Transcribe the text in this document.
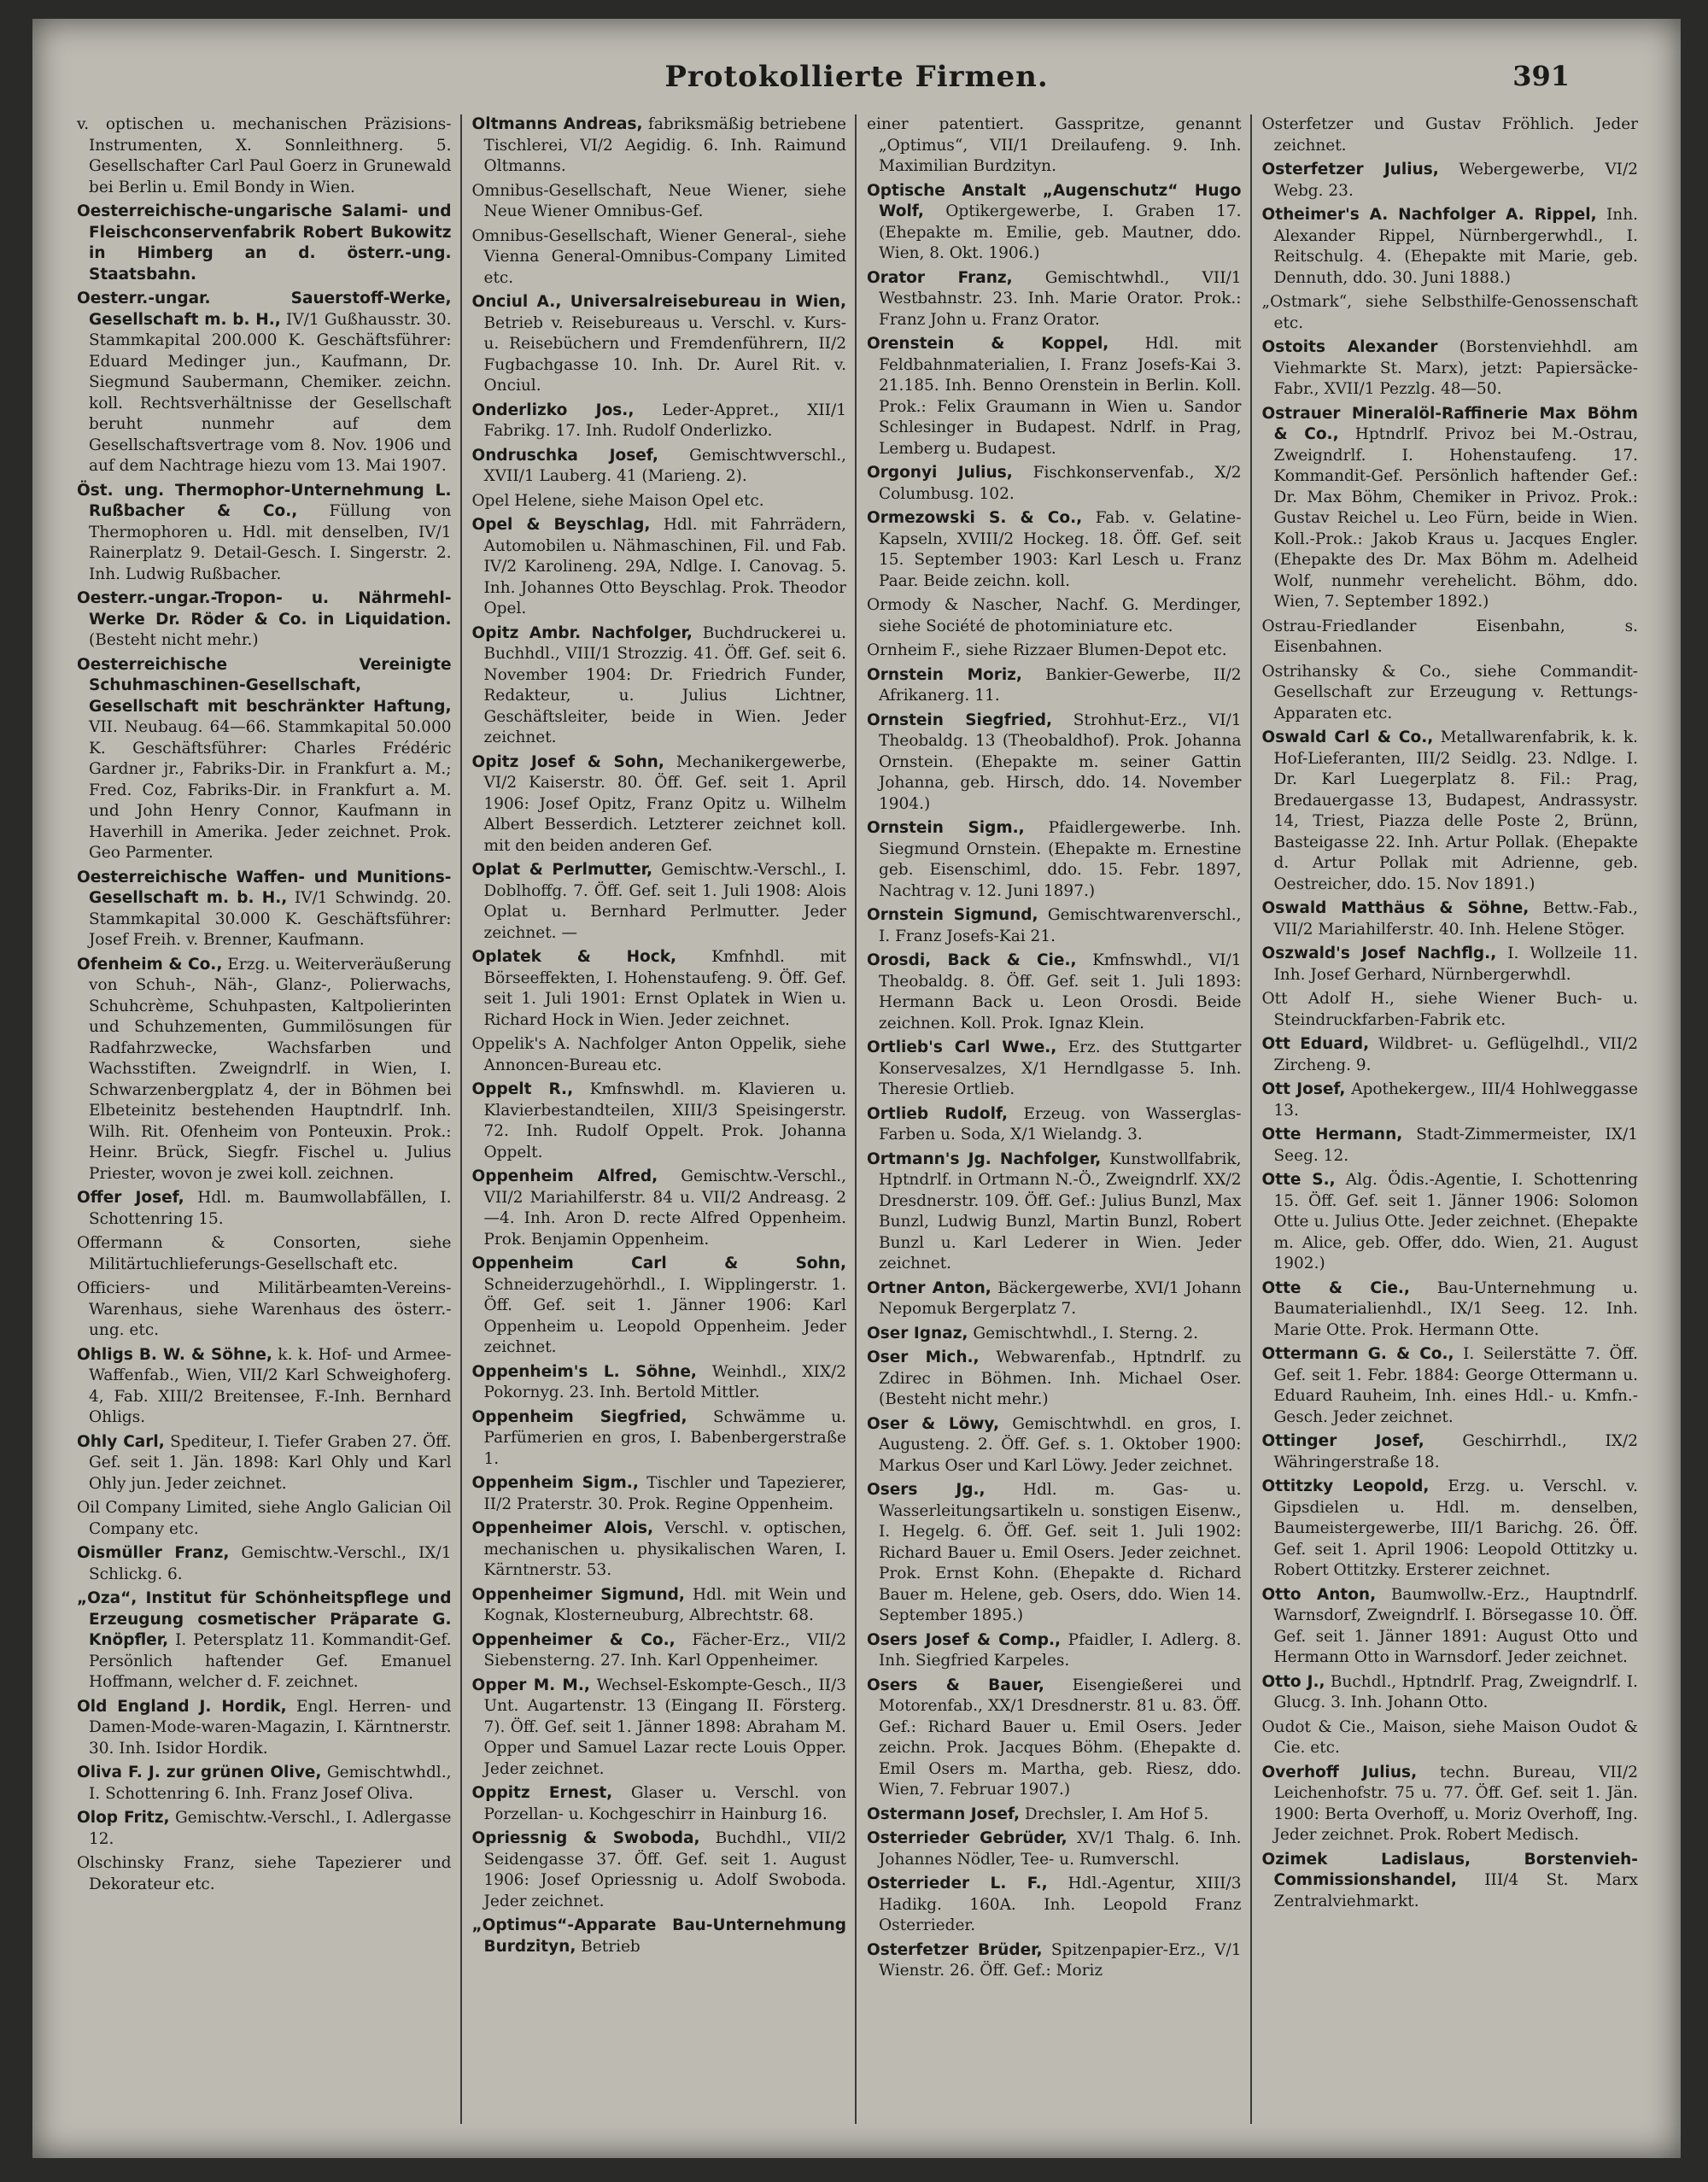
Protokollierte Firmen.	391

v. optischen u. mechanischen Präzisions-Instrumenten, X. Sonnleithnerg. 5. Gesellschafter Carl Paul Goerz in Grunewald bei Berlin u. Emil Bondy in Wien.

Oesterreichische-ungarische Salami- und Fleischconservenfabrik Robert Bukowitz in Himberg an d. österr.-ung. Staatsbahn.

Oesterr.-ungar. Sauerstoff-Werke, Gesellschaft m. b. H., IV/1 Gußhausstr. 30. Stammkapital 200.000 K. Geschäftsführer: Eduard Medinger jun., Kaufmann, Dr. Siegmund Saubermann, Chemiker. zeichn. koll. Rechtsverhältnisse der Gesellschaft beruht nunmehr auf dem Gesellschaftsvertrage vom 8. Nov. 1906 und auf dem Nachtrage hiezu vom 13. Mai 1907.

Öst. ung. Thermophor-Unternehmung L. Rußbacher & Co., Füllung von Thermophoren u. Hdl. mit denselben, IV/1 Rainerplatz 9. Detail-Gesch. I. Singerstr. 2. Inh. Ludwig Rußbacher.

Oesterr.-ungar.-Tropon- u. Nährmehl-Werke Dr. Röder & Co. in Liquidation. (Besteht nicht mehr.)

Oesterreichische Vereinigte Schuhmaschinen-Gesellschaft, Gesellschaft mit beschränkter Haftung, VII. Neubaug. 64—66. Stammkapital 50.000 K. Geschäftsführer: Charles Frédéric Gardner jr., Fabriks-Dir. in Frankfurt a. M.; Fred. Coz, Fabriks-Dir. in Frankfurt a. M. und John Henry Connor, Kaufmann in Haverhill in Amerika. Jeder zeichnet. Prok. Geo Parmenter.

Oesterreichische Waffen- und Munitions-Gesellschaft m. b. H., IV/1 Schwindg. 20. Stammkapital 30.000 K. Geschäftsführer: Josef Freih. v. Brenner, Kaufmann.

Ofenheim & Co., Erzg. u. Weiterveräußerung von Schuh-, Näh-, Glanz-, Polierwachs, Schuhcrème, Schuhpasten, Kaltpolierinten und Schuhzementen, Gummilösungen für Radfahrzwecke, Wachsfarben und Wachsstiften. Zweigndrlf. in Wien, I. Schwarzenbergplatz 4, der in Böhmen bei Elbeteinitz bestehenden Hauptndrlf. Inh. Wilh. Rit. Ofenheim von Ponteuxin. Prok.: Heinr. Brück, Siegfr. Fischel u. Julius Priester, wovon je zwei koll. zeichnen.

Offer Josef, Hdl. m. Baumwollabfällen, I. Schottenring 15.

Offermann & Consorten, siehe Militärtuchlieferungs-Gesellschaft etc.

Officiers- und Militärbeamten-Vereins-Warenhaus, siehe Warenhaus des österr.-ung. etc.

Ohligs B. W. & Söhne, k. k. Hof- und Armee-Waffenfab., Wien, VII/2 Karl Schweighoferg. 4, Fab. XIII/2 Breitensee, F.-Inh. Bernhard Ohligs.

Ohly Carl, Spediteur, I. Tiefer Graben 27. Öff. Gef. seit 1. Jän. 1898: Karl Ohly und Karl Ohly jun. Jeder zeichnet.

Oil Company Limited, siehe Anglo Galician Oil Company etc.

Oismüller Franz, Gemischtw.-Verschl., IX/1 Schlickg. 6.

„Oza“, Institut für Schönheitspflege und Erzeugung cosmetischer Präparate G. Knöpfler, I. Petersplatz 11. Kommandit-Gef. Persönlich haftender Gef. Emanuel Hoffmann, welcher d. F. zeichnet.

Old England J. Hordik, Engl. Herren- und Damen-Mode-waren-Magazin, I. Kärntnerstr. 30. Inh. Isidor Hordik.

Oliva F. J. zur grünen Olive, Gemischtwhdl., I. Schottenring 6. Inh. Franz Josef Oliva.

Olop Fritz, Gemischtw.-Verschl., I. Adlergasse 12.

Olschinsky Franz, siehe Tapezierer und Dekorateur etc.

Oltmanns Andreas, fabriksmäßig betriebene Tischlerei, VI/2 Aegidig. 6. Inh. Raimund Oltmanns.

Omnibus-Gesellschaft, Neue Wiener, siehe Neue Wiener Omnibus-Gef.

Omnibus-Gesellschaft, Wiener General-, siehe Vienna General-Omnibus-Company Limited etc.

Onciul A., Universalreisebureau in Wien, Betrieb v. Reisebureaus u. Verschl. v. Kurs- u. Reisebüchern und Fremdenführern, II/2 Fugbachgasse 10. Inh. Dr. Aurel Rit. v. Onciul.

Onderlizko Jos., Leder-Appret., XII/1 Fabrikg. 17. Inh. Rudolf Onderlizko.

Ondruschka Josef, Gemischtwverschl., XVII/1 Lauberg. 41 (Marieng. 2).

Opel Helene, siehe Maison Opel etc.

Opel & Beyschlag, Hdl. mit Fahrrädern, Automobilen u. Nähmaschinen, Fil. und Fab. IV/2 Karolineng. 29A, Ndlge. I. Canovag. 5. Inh. Johannes Otto Beyschlag. Prok. Theodor Opel.

Opitz Ambr. Nachfolger, Buchdruckerei u. Buchhdl., VIII/1 Strozzig. 41. Öff. Gef. seit 6. November 1904: Dr. Friedrich Funder, Redakteur, u. Julius Lichtner, Geschäftsleiter, beide in Wien. Jeder zeichnet.

Opitz Josef & Sohn, Mechanikergewerbe, VI/2 Kaiserstr. 80. Öff. Gef. seit 1. April 1906: Josef Opitz, Franz Opitz u. Wilhelm Albert Besserdich. Letzterer zeichnet koll. mit den beiden anderen Gef.

Oplat & Perlmutter, Gemischtw.-Verschl., I. Doblhoffg. 7. Öff. Gef. seit 1. Juli 1908: Alois Oplat u. Bernhard Perlmutter. Jeder zeichnet. —

Oplatek & Hock, Kmfnhdl. mit Börseeffekten, I. Hohenstaufeng. 9. Öff. Gef. seit 1. Juli 1901: Ernst Oplatek in Wien u. Richard Hock in Wien. Jeder zeichnet.

Oppelik's A. Nachfolger Anton Oppelik, siehe Annoncen-Bureau etc.

Oppelt R., Kmfnswhdl. m. Klavieren u. Klavierbestandteilen, XIII/3 Speisingerstr. 72. Inh. Rudolf Oppelt. Prok. Johanna Oppelt.

Oppenheim Alfred, Gemischtw.-Verschl., VII/2 Mariahilferstr. 84 u. VII/2 Andreasg. 2—4. Inh. Aron D. recte Alfred Oppenheim. Prok. Benjamin Oppenheim.

Oppenheim Carl & Sohn, Schneiderzugehörhdl., I. Wipplingerstr. 1. Öff. Gef. seit 1. Jänner 1906: Karl Oppenheim u. Leopold Oppenheim. Jeder zeichnet.

Oppenheim's L. Söhne, Weinhdl., XIX/2 Pokornyg. 23. Inh. Bertold Mittler.

Oppenheim Siegfried, Schwämme u. Parfümerien en gros, I. Babenbergerstraße 1.

Oppenheim Sigm., Tischler und Tapezierer, II/2 Praterstr. 30. Prok. Regine Oppenheim.

Oppenheimer Alois, Verschl. v. optischen, mechanischen u. physikalischen Waren, I. Kärntnerstr. 53.

Oppenheimer Sigmund, Hdl. mit Wein und Kognak, Klosterneuburg, Albrechtstr. 68.

Oppenheimer & Co., Fächer-Erz., VII/2 Siebensterng. 27. Inh. Karl Oppenheimer.

Opper M. M., Wechsel-Eskompte-Gesch., II/3 Unt. Augartenstr. 13 (Eingang II. Försterg. 7). Öff. Gef. seit 1. Jänner 1898: Abraham M. Opper und Samuel Lazar recte Louis Opper. Jeder zeichnet.

Oppitz Ernest, Glaser u. Verschl. von Porzellan- u. Kochgeschirr in Hainburg 16.

Opriessnig & Swoboda, Buchdhl., VII/2 Seidengasse 37. Öff. Gef. seit 1. August 1906: Josef Opriessnig u. Adolf Swoboda. Jeder zeichnet.

„Optimus“-Apparate Bau-Unternehmung Burdzityn, Betrieb

einer patentiert. Gasspritze, genannt „Optimus“, VII/1 Dreilaufeng. 9. Inh. Maximilian Burdzityn.

Optische Anstalt „Augenschutz“ Hugo Wolf, Optikergewerbe, I. Graben 17. (Ehepakte m. Emilie, geb. Mautner, ddo. Wien, 8. Okt. 1906.)

Orator Franz, Gemischtwhdl., VII/1 Westbahnstr. 23. Inh. Marie Orator. Prok.: Franz John u. Franz Orator.

Orenstein & Koppel, Hdl. mit Feldbahnmaterialien, I. Franz Josefs-Kai 3. 21.185. Inh. Benno Orenstein in Berlin. Koll. Prok.: Felix Graumann in Wien u. Sandor Schlesinger in Budapest. Ndrlf. in Prag, Lemberg u. Budapest.

Orgonyi Julius, Fischkonservenfab., X/2 Columbusg. 102.

Ormezowski S. & Co., Fab. v. Gelatine-Kapseln, XVIII/2 Hockeg. 18. Öff. Gef. seit 15. September 1903: Karl Lesch u. Franz Paar. Beide zeichn. koll.

Ormody & Nascher, Nachf. G. Merdinger, siehe Société de photominiature etc.

Ornheim F., siehe Rizzaer Blumen-Depot etc.

Ornstein Moriz, Bankier-Gewerbe, II/2 Afrikanerg. 11.

Ornstein Siegfried, Strohhut-Erz., VI/1 Theobaldg. 13 (Theobaldhof). Prok. Johanna Ornstein. (Ehepakte m. seiner Gattin Johanna, geb. Hirsch, ddo. 14. November 1904.)

Ornstein Sigm., Pfaidlergewerbe. Inh. Siegmund Ornstein. (Ehepakte m. Ernestine geb. Eisenschiml, ddo. 15. Febr. 1897, Nachtrag v. 12. Juni 1897.)

Ornstein Sigmund, Gemischtwarenverschl., I. Franz Josefs-Kai 21.

Orosdi, Back & Cie., Kmfnswhdl., VI/1 Theobaldg. 8. Öff. Gef. seit 1. Juli 1893: Hermann Back u. Leon Orosdi. Beide zeichnen. Koll. Prok. Ignaz Klein.

Ortlieb's Carl Wwe., Erz. des Stuttgarter Konservesalzes, X/1 Herndlgasse 5. Inh. Theresie Ortlieb.

Ortlieb Rudolf, Erzeug. von Wasserglas-Farben u. Soda, X/1 Wielandg. 3.

Ortmann's Jg. Nachfolger, Kunstwollfabrik, Hptndrlf. in Ortmann N.-Ö., Zweigndrlf. XX/2 Dresdnerstr. 109. Öff. Gef.: Julius Bunzl, Max Bunzl, Ludwig Bunzl, Martin Bunzl, Robert Bunzl u. Karl Lederer in Wien. Jeder zeichnet.

Ortner Anton, Bäckergewerbe, XVI/1 Johann Nepomuk Bergerplatz 7.

Oser Ignaz, Gemischtwhdl., I. Sterng. 2.

Oser Mich., Webwarenfab., Hptndrlf. zu Zdirec in Böhmen. Inh. Michael Oser. (Besteht nicht mehr.)

Oser & Löwy, Gemischtwhdl. en gros, I. Augusteng. 2. Öff. Gef. s. 1. Oktober 1900: Markus Oser und Karl Löwy. Jeder zeichnet.

Osers Jg., Hdl. m. Gas- u. Wasserleitungsartikeln u. sonstigen Eisenw., I. Hegelg. 6. Öff. Gef. seit 1. Juli 1902: Richard Bauer u. Emil Osers. Jeder zeichnet. Prok. Ernst Kohn. (Ehepakte d. Richard Bauer m. Helene, geb. Osers, ddo. Wien 14. September 1895.)

Osers Josef & Comp., Pfaidler, I. Adlerg. 8. Inh. Siegfried Karpeles.

Osers & Bauer, Eisengießerei und Motorenfab., XX/1 Dresdnerstr. 81 u. 83. Öff. Gef.: Richard Bauer u. Emil Osers. Jeder zeichn. Prok. Jacques Böhm. (Ehepakte d. Emil Osers m. Martha, geb. Riesz, ddo. Wien, 7. Februar 1907.)

Ostermann Josef, Drechsler, I. Am Hof 5.

Osterrieder Gebrüder, XV/1 Thalg. 6. Inh. Johannes Nödler, Tee- u. Rumverschl.

Osterrieder L. F., Hdl.-Agentur, XIII/3 Hadikg. 160A. Inh. Leopold Franz Osterrieder.

Osterfetzer Brüder, Spitzenpapier-Erz., V/1 Wienstr. 26. Öff. Gef.: Moriz

Osterfetzer und Gustav Fröhlich. Jeder zeichnet.

Osterfetzer Julius, Webergewerbe, VI/2 Webg. 23.

Otheimer's A. Nachfolger A. Rippel, Inh. Alexander Rippel, Nürnbergerwhdl., I. Reitschulg. 4. (Ehepakte mit Marie, geb. Dennuth, ddo. 30. Juni 1888.)

„Ostmark“, siehe Selbsthilfe-Genossenschaft etc.

Ostoits Alexander (Borstenviehhdl. am Viehmarkte St. Marx), jetzt: Papiersäcke-Fabr., XVII/1 Pezzlg. 48—50.

Ostrauer Mineralöl-Raffinerie Max Böhm & Co., Hptndrlf. Privoz bei M.-Ostrau, Zweigndrlf. I. Hohenstaufeng. 17. Kommandit-Gef. Persönlich haftender Gef.: Dr. Max Böhm, Chemiker in Privoz. Prok.: Gustav Reichel u. Leo Fürn, beide in Wien. Koll.-Prok.: Jakob Kraus u. Jacques Engler. (Ehepakte des Dr. Max Böhm m. Adelheid Wolf, nunmehr verehelicht. Böhm, ddo. Wien, 7. September 1892.)

Ostrau-Friedlander Eisenbahn, s. Eisenbahnen.

Ostrihansky & Co., siehe Commandit-Gesellschaft zur Erzeugung v. Rettungs-Apparaten etc.

Oswald Carl & Co., Metallwarenfabrik, k. k. Hof-Lieferanten, III/2 Seidlg. 23. Ndlge. I. Dr. Karl Luegerplatz 8. Fil.: Prag, Bredauergasse 13, Budapest, Andrassystr. 14, Triest, Piazza delle Poste 2, Brünn, Basteigasse 22. Inh. Artur Pollak. (Ehepakte d. Artur Pollak mit Adrienne, geb. Oestreicher, ddo. 15. Nov 1891.)

Oswald Matthäus & Söhne, Bettw.-Fab., VII/2 Mariahilferstr. 40. Inh. Helene Stöger.

Oszwald's Josef Nachflg., I. Wollzeile 11. Inh. Josef Gerhard, Nürnbergerwhdl.

Ott Adolf H., siehe Wiener Buch- u. Steindruckfarben-Fabrik etc.

Ott Eduard, Wildbret- u. Geflügelhdl., VII/2 Zircheng. 9.

Ott Josef, Apothekergew., III/4 Hohlweggasse 13.

Otte Hermann, Stadt-Zimmermeister, IX/1 Seeg. 12.

Otte S., Alg. Ödis.-Agentie, I. Schottenring 15. Öff. Gef. seit 1. Jänner 1906: Solomon Otte u. Julius Otte. Jeder zeichnet. (Ehepakte m. Alice, geb. Offer, ddo. Wien, 21. August 1902.)

Otte & Cie., Bau-Unternehmung u. Baumaterialienhdl., IX/1 Seeg. 12. Inh. Marie Otte. Prok. Hermann Otte.

Ottermann G. & Co., I. Seilerstätte 7. Öff. Gef. seit 1. Febr. 1884: George Ottermann u. Eduard Rauheim, Inh. eines Hdl.- u. Kmfn.-Gesch. Jeder zeichnet.

Ottinger Josef, Geschirrhdl., IX/2 Währingerstraße 18.

Ottitzky Leopold, Erzg. u. Verschl. v. Gipsdielen u. Hdl. m. denselben, Baumeistergewerbe, III/1 Barichg. 26. Öff. Gef. seit 1. April 1906: Leopold Ottitzky u. Robert Ottitzky. Ersterer zeichnet.

Otto Anton, Baumwollw.-Erz., Hauptndrlf. Warnsdorf, Zweigndrlf. I. Börsegasse 10. Öff. Gef. seit 1. Jänner 1891: August Otto und Hermann Otto in Warnsdorf. Jeder zeichnet.

Otto J., Buchdl., Hptndrlf. Prag, Zweigndrlf. I. Glucg. 3. Inh. Johann Otto.

Oudot & Cie., Maison, siehe Maison Oudot & Cie. etc.

Overhoff Julius, techn. Bureau, VII/2 Leichenhofstr. 75 u. 77. Öff. Gef. seit 1. Jän. 1900: Berta Overhoff, u. Moriz Overhoff, Ing. Jeder zeichnet. Prok. Robert Medisch.

Ozimek Ladislaus, Borstenvieh-Commissionshandel, III/4 St. Marx Zentralviehmarkt.
